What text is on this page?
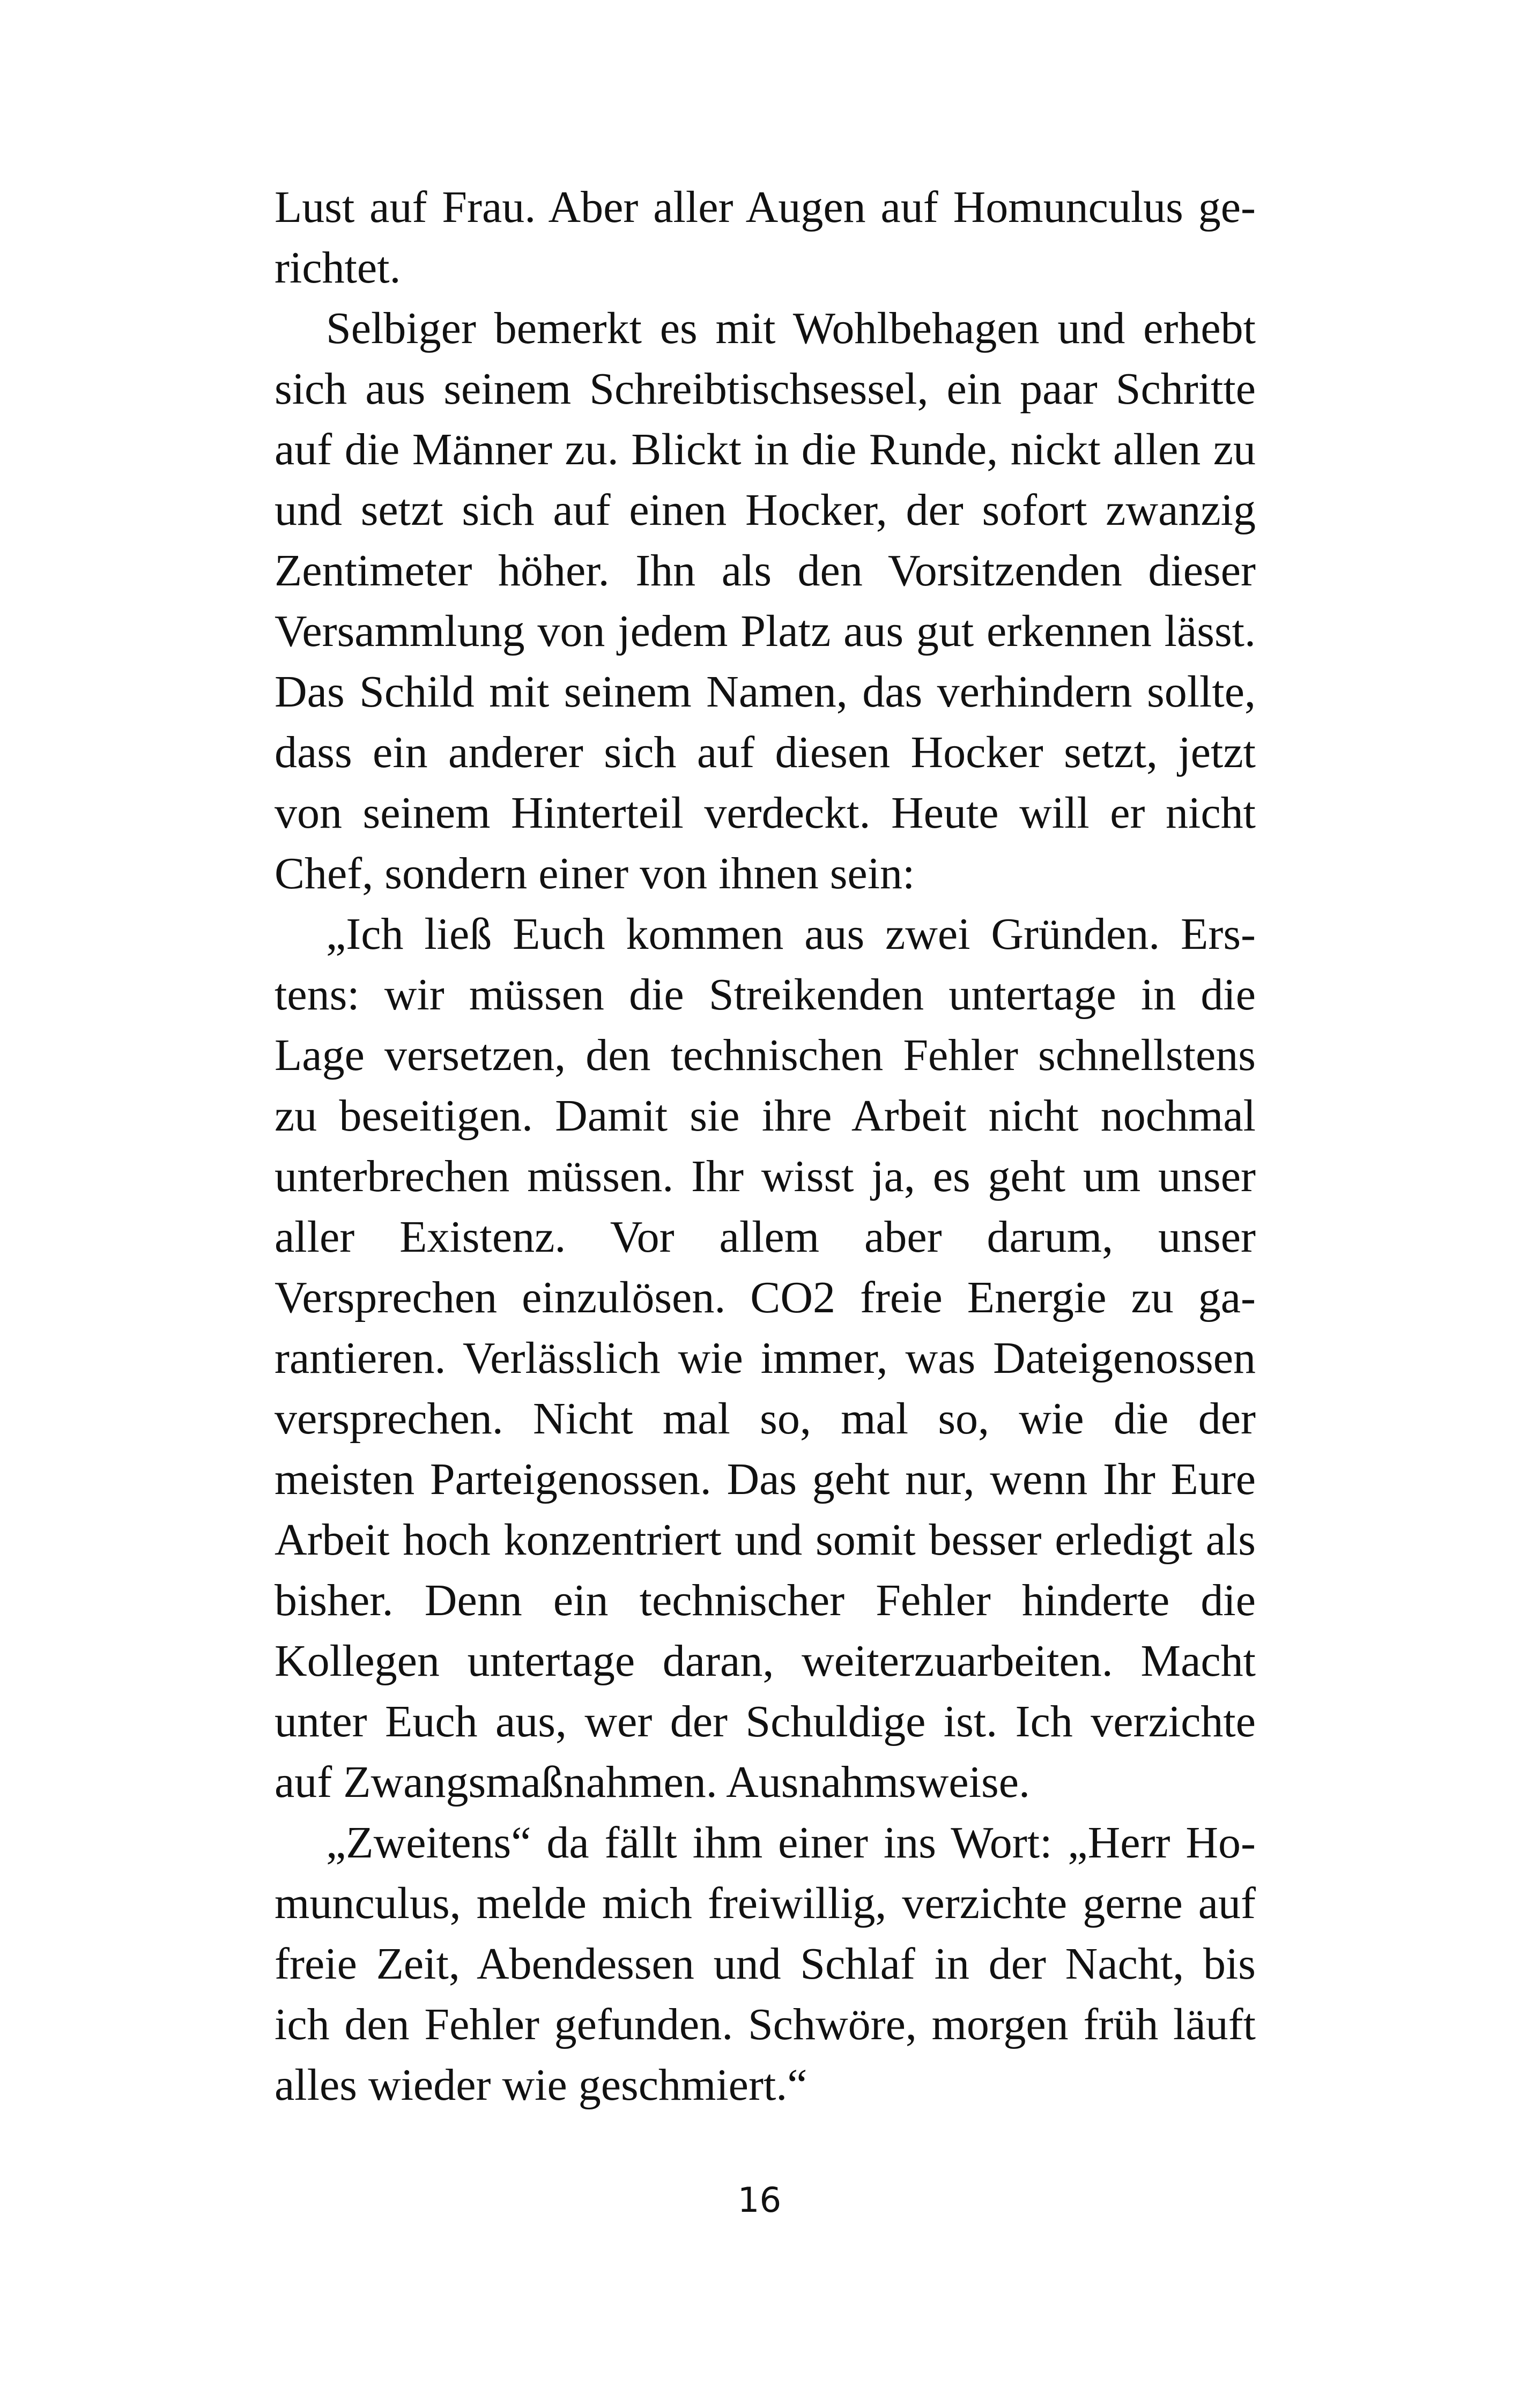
Lust auf Frau. Aber aller Augen auf Homunculus gerichtet.

Selbiger bemerkt es mit Wohlbehagen und erhebt sich aus seinem Schreibtischsessel, ein paar Schritte auf die Männer zu. Blickt in die Runde, nickt allen zu und setzt sich auf einen Hocker, der sofort zwanzig Zentimeter höher. Ihn als den Vorsitzenden dieser Versammlung von jedem Platz aus gut erkennen lässt. Das Schild mit seinem Namen, das verhindern sollte, dass ein anderer sich auf diesen Hocker setzt, jetzt von seinem Hinterteil verdeckt. Heute will er nicht Chef, sondern einer von ihnen sein:

„Ich ließ Euch kommen aus zwei Gründen. Erstens: wir müssen die Streikenden untertage in die Lage versetzen, den technischen Fehler schnellstens zu beseitigen. Damit sie ihre Arbeit nicht nochmal unterbrechen müssen. Ihr wisst ja, es geht um unser aller Existenz. Vor allem aber darum, unser Versprechen einzulösen. CO2 freie Energie zu garantieren. Verlässlich wie immer, was Dateigenossen versprechen. Nicht mal so, mal so, wie die der meisten Parteigenossen. Das geht nur, wenn Ihr Eure Arbeit hoch konzentriert und somit besser erledigt als bisher. Denn ein technischer Fehler hinderte die Kollegen untertage daran, weiterzuarbeiten. Macht unter Euch aus, wer der Schuldige ist. Ich verzichte auf Zwangsmaßnahmen. Ausnahmsweise.

„Zweitens“ da fällt ihm einer ins Wort: „Herr Homunculus, melde mich freiwillig, verzichte gerne auf freie Zeit, Abendessen und Schlaf in der Nacht, bis ich den Fehler gefunden. Schwöre, morgen früh läuft alles wieder wie geschmiert.“

16
